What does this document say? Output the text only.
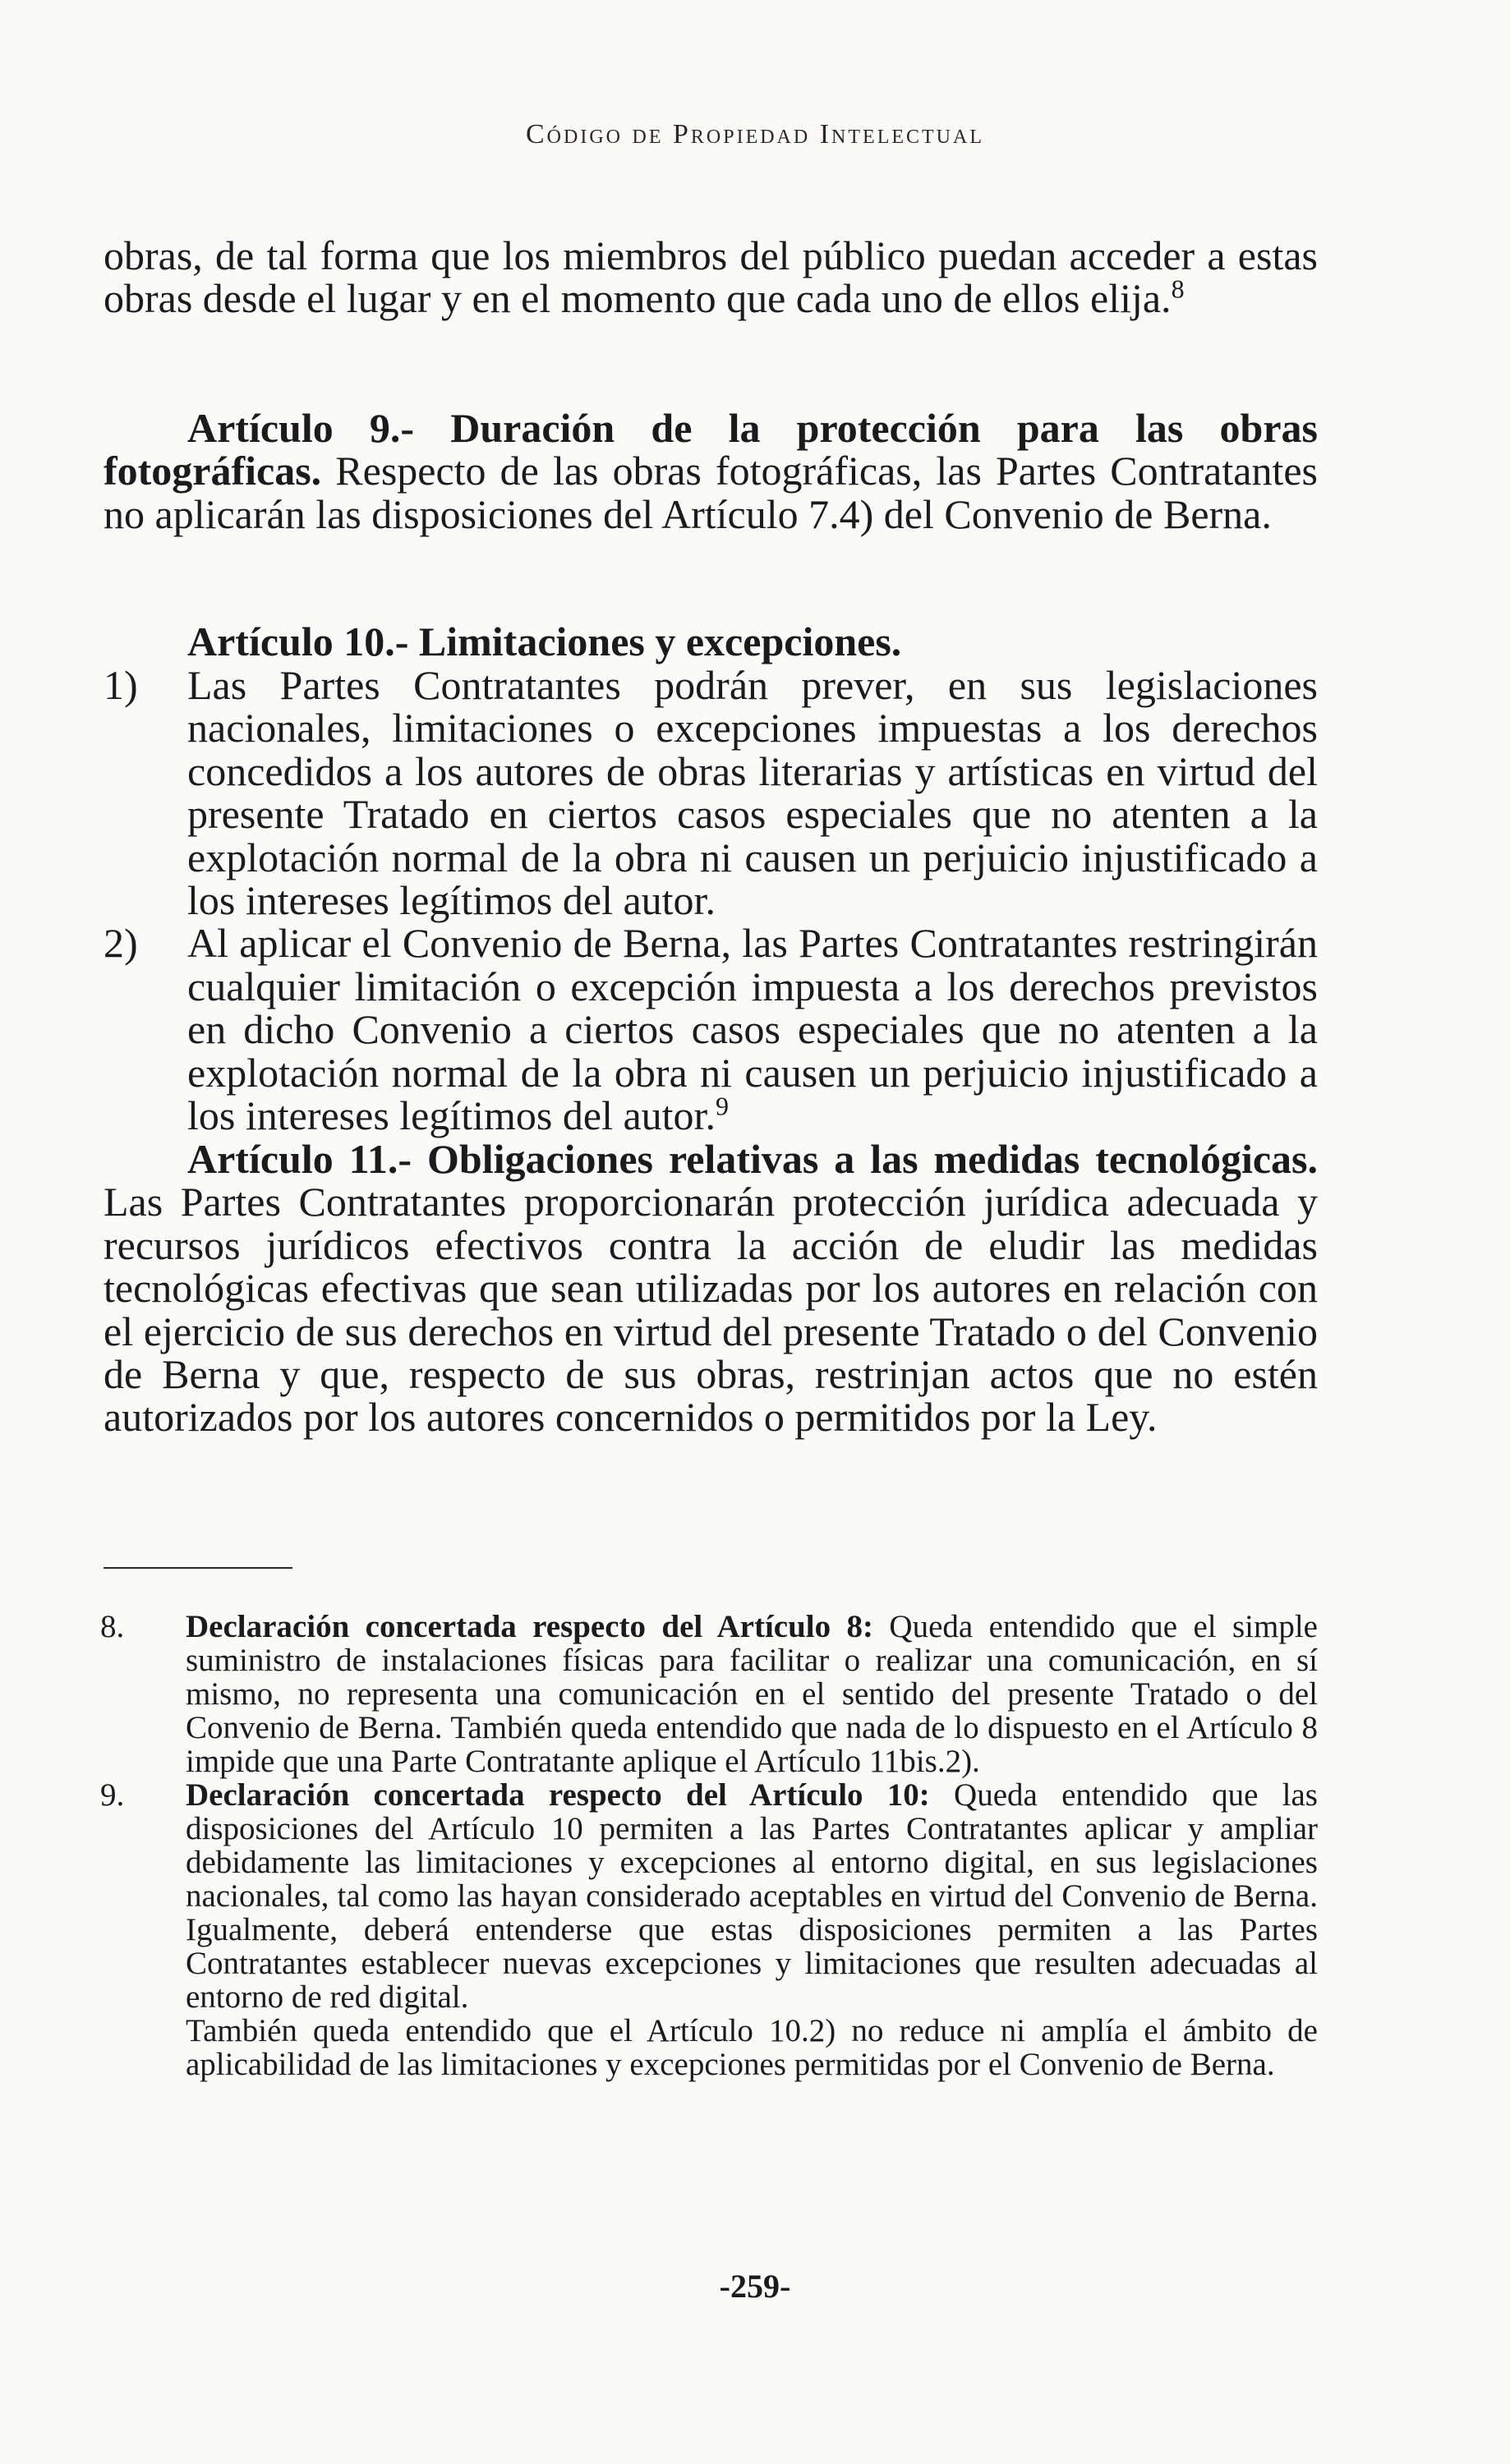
Código de Propiedad Intelectual

obras, de tal forma que los miembros del público puedan acceder a estas obras desde el lugar y en el momento que cada uno de ellos elija.$^8$

Artículo 9.- Duración de la protección para las obras fotográficas. Respecto de las obras fotográficas, las Partes Contratantes no aplicarán las disposiciones del Artículo 7.4) del Convenio de Berna.

Artículo 10.- Limitaciones y excepciones.

1)	Las Partes Contratantes podrán prever, en sus legislaciones nacionales, limitaciones o excepciones impuestas a los derechos concedidos a los autores de obras literarias y artísticas en virtud del presente Tratado en ciertos casos especiales que no atenten a la explotación normal de la obra ni causen un perjuicio injustificado a los intereses legítimos del autor.
2)	Al aplicar el Convenio de Berna, las Partes Contratantes restringirán cualquier limitación o excepción impuesta a los derechos previstos en dicho Convenio a ciertos casos especiales que no atenten a la explotación normal de la obra ni causen un perjuicio injustificado a los intereses legítimos del autor.$^9$

Artículo 11.- Obligaciones relativas a las medidas tecnológicas. Las Partes Contratantes proporcionarán protección jurídica adecuada y recursos jurídicos efectivos contra la acción de eludir las medidas tecnológicas efectivas que sean utilizadas por los autores en relación con el ejercicio de sus derechos en virtud del presente Tratado o del Convenio de Berna y que, respecto de sus obras, restrinjan actos que no estén autorizados por los autores concernidos o permitidos por la Ley.

8.	Declaración concertada respecto del Artículo 8: Queda entendido que el simple suministro de instalaciones físicas para facilitar o realizar una comunicación, en sí mismo, no representa una comunicación en el sentido del presente Tratado o del Convenio de Berna. También queda entendido que nada de lo dispuesto en el Artículo 8 impide que una Parte Contratante aplique el Artículo 11bis.2).
9.	Declaración concertada respecto del Artículo 10: Queda entendido que las disposiciones del Artículo 10 permiten a las Partes Contratantes aplicar y ampliar debidamente las limitaciones y excepciones al entorno digital, en sus legislaciones nacionales, tal como las hayan considerado aceptables en virtud del Convenio de Berna. Igualmente, deberá entenderse que estas disposiciones permiten a las Partes Contratantes establecer nuevas excepciones y limitaciones que resulten adecuadas al entorno de red digital.

También queda entendido que el Artículo 10.2) no reduce ni amplía el ámbito de aplicabilidad de las limitaciones y excepciones permitidas por el Convenio de Berna.

-259-
